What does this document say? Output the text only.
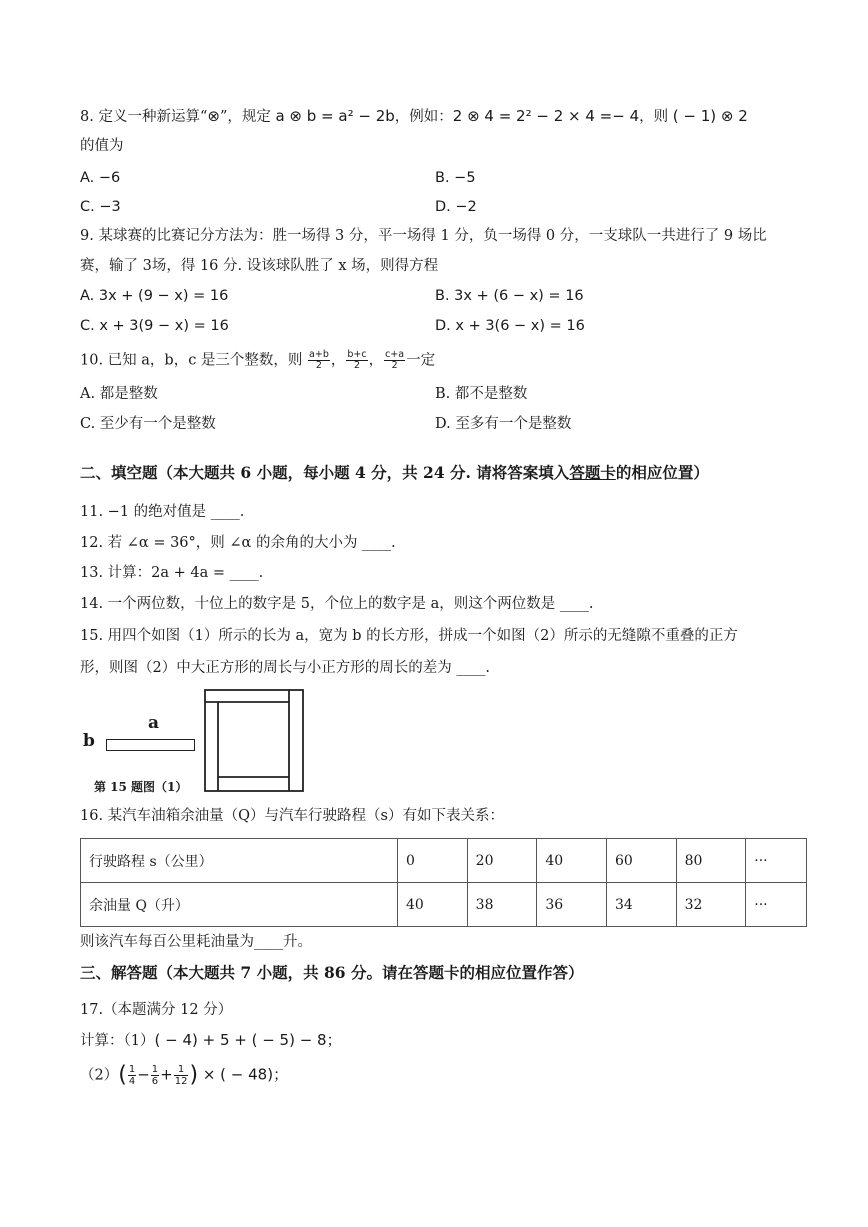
8. 定义一种新运算“⊗”，规定 a ⊗ b = a² − 2b，例如：2 ⊗ 4 = 2² − 2 × 4 =− 4，则 ( − 1) ⊗ 2
的值为
A. −6	B. −5
C. −3	D. −2
9. 某球赛的比赛记分方法为：胜一场得 3 分，平一场得 1 分，负一场得 0 分，一支球队一共进行了 9 场比
赛，输了 3场，得 16 分. 设该球队胜了 x 场，则得方程
A. 3x + (9 − x) = 16	B. 3x + (6 − x) = 16
C. x + 3(9 − x) = 16	D. x + 3(6 − x) = 16
10. 已知 a，b，c 是三个整数，则 $\frac{a+b}{2}$ ， $\frac{b+c}{2}$ ， $\frac{c+a}{2}$ 一定
A. 都是整数	B. 都不是整数
C. 至少有一个是整数	D. 至多有一个是整数
二、填空题（本大题共 6 小题，每小题 4 分，共 24 分. 请将答案填入答题卡的相应位置）
11. −1 的绝对值是 ____.
12. 若 ∠α = 36°，则 ∠α 的余角的大小为 ____.
13. 计算：2a + 4a = ____.
14. 一个两位数，十位上的数字是 5，个位上的数字是 a，则这个两位数是 ____.
15. 用四个如图（1）所示的长为 a，宽为 b 的长方形，拼成一个如图（2）所示的无缝隙不重叠的正方
形，则图（2）中大正方形的周长与小正方形的周长的差为 ____.
a
b
第 15 题图（1）
16. 某汽车油箱余油量（Q）与汽车行驶路程（s）有如下表关系：
行驶路程 s（公里）	0	20	40	60	80	···
余油量 Q（升）	40	38	36	34	32	···
则该汽车每百公里耗油量为____升。
三、解答题（本大题共 7 小题，共 86 分。请在答题卡的相应位置作答）
17.（本题满分 12 分）
计算：（1）( − 4) + 5 + ( − 5) − 8；
$(2)( \frac{1}{4} - \frac{1}{6} + \frac{1}{12}$ ) × ( − 48)；
